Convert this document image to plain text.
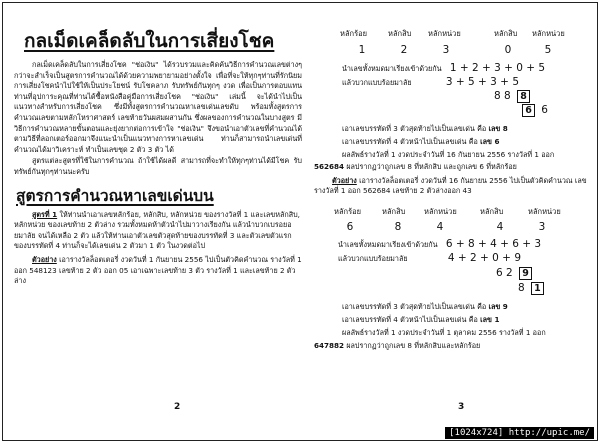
กลเม็ดเคล็ดลับในการเสี่ยงโชค

กลเม็ดเคล็ดลับในการเสี่ยงโชค "ช่อเงิน" ได้รวบรวมและคิดค้นวิธีการคำนวณเลขต่างๆ กว่าจะสำเร็จเป็นสูตรการคำนวณได้ด้วยความพยายามอย่างตั้งใจ เพื่อที่จะให้ทุกๆท่านที่รักนิยมการเสี่ยงโชคนำไปใช้ให้เป็นประโยชน์ รับโชคลาภ รับทรัพย์กันทุกๆ งวด เพื่อเป็นการตอบแทนท่านที่อุปการะคุณที่ท่านได้ซื้อหนังสือคู่มือการเสี่ยงโชค "ช่อเงิน" เล่มนี้ จะได้นำไปเป็นแนวทางสำหรับการเสี่ยงโชค ซึ่งมีทั้งสูตรการคำนวณหาเลขเด่นเลขดับ พร้อมทั้งสูตรการคำนวณเลขตามหลักโหราศาสตร์ เลขท้ายวันผสมผสานกัน ซึ่งผลของการคำนวณในบางสูตร มีวิธีการคำนวณหลายขั้นตอนและยุ่งยากต่อการเข้าใจ "ช่อเงิน" จึงขอนำเอาตัวเลขที่คำนวณได้ ตามวิธีที่ลอกเตอร์ออกมาจึงแนะนำเป็นแนวทางการหาเลขเด่น ท่านก็สามารถนำเลขเด่นที่คำนวณได้มาวิเคราะห์ ทำเป็นเลขชุด 2 ตัว 3 ตัว ได้

สูตรแต่ละสูตรที่ใช้ในการคำนวณ ถ้าใช้ได้ผลดี สามารถที่จะทำให้ทุกๆท่านได้มีโชค รับทรัพย์กันทุกๆท่านนะครับ

สูตรการคำนวณหาเลขเด่นบน

สูตรที่ 1 ให้ท่านนำเอาเลขหลักร้อย, หลักสิบ, หลักหน่วย ของรางวัลที่ 1 และเลขหลักสิบ, หลักหน่วย ของเลขท้าย 2 ตัวล่าง รวมทั้งหมดห้าตัวนำไปมาวางเรียงกัน แล้วนำบวกเบรอยอยมาลัย จนได้เหลือ 2 ตัว แล้วให้ท่านเอาตัวเลขตัวสุดท้ายของบรรทัดที่ 3 และตัวเลขตัวแรกของบรรทัดที่ 4 ท่านก็จะได้เลขเด่น 2 ตัวมา 1 ตัว ในงวดต่อไป

ตัวอย่าง เอารางวัลล็อตเตอรี่ งวดวันที่ 1 กันยายน 2556 ไปเป็นตัวคิดคำนวณ รางวัลที่ 1 ออก 548123 เลขท้าย 2 ตัว ออก 05 เอาเฉพาะเลขท้าย 3 ตัว รางวัลที่ 1 และเลขท้าย 2 ตัวล่าง

2
หลักร้อย	หลักสิบ หลักหน่วย	หลักสิบ หลักหน่วย
1	2	3	0	5
นำเลขทั้งหมดมาเรียงเข้าด้วยกัน 1 + 2 + 3 + 0 + 5
แล้วบวกแบบร้อยมาลัย	3 + 5 + 3 + 5
8 8 8
6 6
เอาเลขบรรทัดที่ 3 ตัวสุดท้ายไปเป็นเลขเด่น คือ เลข 8
เอาเลขบรรทัดที่ 4 ตัวหน้าไปเป็นเลขเด่น คือ เลข 6
ผลลัพธ์รางวัลที่ 1 งวดประจำวันที่ 16 กันยายน 2556 รางวัลที่ 1 ออก
562684 ผลปรากฏว่าถูกเลข 8 ที่หลักสิบ และถูกเลข 6 ที่หลักร้อย

ตัวอย่าง เอารางวัลล็อตเตอรี่ งวดวันที่ 16 กันยายน 2556 ไปเป็นตัวคิดคำนวณ เลขรางวัลที่ 1 ออก 562684 เลขท้าย 2 ตัวล่างออก 43

หลักร้อย	หลักสิบ หลักหน่วย	หลักสิบ	หลักหน่วย
6	8	4	4	3
นำเลขทั้งหมดมาเรียงเข้าด้วยกัน 6 + 8 + 4 + 6 + 3
แล้วบวกแบบร้อยมาลัย	4 + 2 + 0 + 9
6 2 9
8 1
เอาเลขบรรทัดที่ 3 ตัวสุดท้ายไปเป็นเลขเด่น คือ เลข 9
เอาเลขบรรทัดที่ 4 ตัวหน้าไปเป็นเลขเด่น คือ เลข 1
ผลลัพธ์รางวัลที่ 1 งวดประจำวันที่ 1 ตุลาคม 2556 รางวัลที่ 1 ออก
647882 ผลปรากฏว่าถูกเลข 8 ที่หลักสิบและหลักร้อย
3
[1024x724] http://upic.me/
